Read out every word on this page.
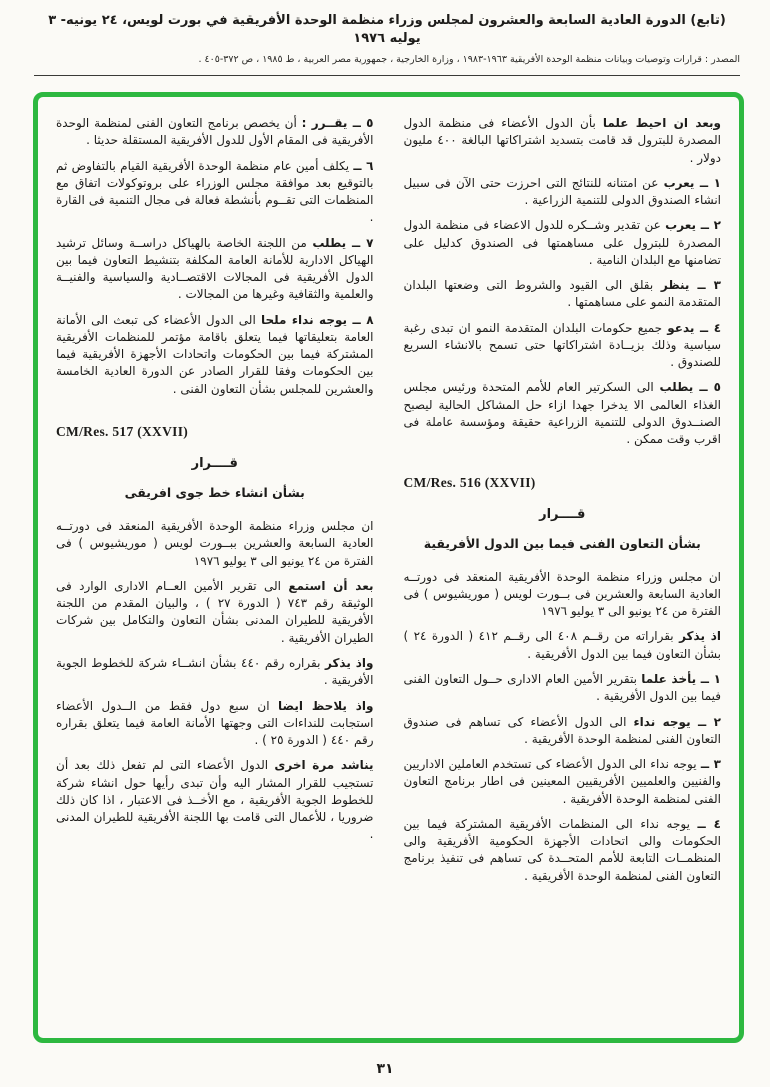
(تابع) الدورة العادية السابعة والعشرون لمجلس وزراء منظمة الوحدة الأفريقية في بورت لويس، ٢٤ يونيه- ٣ يوليه ١٩٧٦
المصدر : قرارات وتوصيات وبيانات منظمة الوحدة الأفريقية ١٩٦٣-١٩٨٣ ، وزارة الخارجية ، جمهورية مصر العربية ، ط ١٩٨٥ ، ص ٣٧٢-٤٠٥ .

وبعد ان احيط علما بأن الدول الأعضاء فى منظمة الدول المصدرة للبترول قد قامت بتسديد اشتراكاتها البالغة ٤٠٠ مليون دولار .

١ ــ يعرب عن امتنانه للنتائج التى احرزت حتى الآن فى سبيل انشاء الصندوق الدولى للتنمية الزراعية .

٢ ــ يعرب عن تقدير وشــكره للدول الاعضاء فى منظمة الدول المصدرة للبترول على مساهمتها فى الصندوق كدليل على تضامنها مع البلدان النامية .

٣ ــ ينظر بقلق الى القيود والشروط التى وضعتها البلدان المتقدمة النمو على مساهمتها .

٤ ــ يدعو جميع حكومات البلدان المتقدمة النمو ان تبدى رغبة سياسية وذلك بزيــادة اشتراكاتها حتى تسمح بالانشاء السريع للصندوق .

٥ ــ يطلب الى السكرتير العام للأمم المتحدة ورئيس مجلس الغذاء العالمى الا يدخرا جهدا ازاء حل المشاكل الحالية ليصبح الصنــدوق الدولى للتنمية الزراعية حقيقة ومؤسسة عاملة فى اقرب وقت ممكن .

CM/Res. 516 (XXVII)
قــــرار
بشأن التعاون الفنى فيما بين الدول الأفريقية

ان مجلس وزراء منظمة الوحدة الأفريقية المنعقد فى دورتــه العادية السابعة والعشرين فى بــورت لويس ( موريشيوس ) فى الفترة من ٢٤ يونيو الى ٣ يوليو ١٩٧٦

اذ يذكر بقراراته من رقــم ٤٠٨ الى رقــم ٤١٢ ( الدورة ٢٤ ) بشأن التعاون فيما بين الدول الأفريقية .

١ ــ يأخذ علما بتقرير الأمين العام الادارى حــول التعاون الفنى فيما بين الدول الأفريقية .

٢ ــ يوجه نداء الى الدول الأعضاء كى تساهم فى صندوق التعاون الفنى لمنظمة الوحدة الأفريقية .

٣ ــ يوجه نداء الى الدول الأعضاء كى تستخدم العاملين الاداريين والفنيين والعلميين الأفريقيين المعينين فى اطار برنامج التعاون الفنى لمنظمة الوحدة الأفريقية .

٤ ــ يوجه نداء الى المنظمات الأفريقية المشتركة فيما بين الحكومات والى اتحادات الأجهزة الحكومية الأفريقية والى المنظمــات التابعة للأمم المتحــدة كى تساهم فى تنفيذ برنامج التعاون الفنى لمنظمة الوحدة الأفريقية .

٥ ــ يقــرر : أن يخصص برنامج التعاون الفنى لمنظمة الوحدة الأفريقية فى المقام الأول للدول الأفريقية المستقلة حديثا .

٦ ــ يكلف أمين عام منظمة الوحدة الأفريقية القيام بالتفاوض ثم بالتوقيع بعد موافقة مجلس الوزراء على بروتوكولات اتفاق مع المنظمات التى تقــوم بأنشطة فعالة فى مجال التنمية فى القارة .

٧ ــ يطلب من اللجنة الخاصة بالهياكل دراســة وسائل ترشيد الهياكل الادارية للأمانة العامة المكلفة بتنشيط التعاون فيما بين الدول الأفريقية فى المجالات الاقتصــادية والسياسية والفنيــة والعلمية والثقافية وغيرها من المجالات .

٨ ــ يوجه نداء ملحا الى الدول الأعضاء كى تبعث الى الأمانة العامة بتعليقاتها فيما يتعلق باقامة مؤتمر للمنظمات الأفريقية المشتركة فيما بين الحكومات واتحادات الأجهزة الأفريقية فيما بين الحكومات وفقا للقرار الصادر عن الدورة العادية الخامسة والعشرين للمجلس بشأن التعاون الفنى .

CM/Res. 517 (XXVII)
قــــرار
بشأن انشاء خط جوى افريقى

ان مجلس وزراء منظمة الوحدة الأفريقية المنعقد فى دورتــه العادية السابعة والعشرين ببــورت لويس ( موريشيوس ) فى الفترة من ٢٤ يونيو الى ٣ يوليو ١٩٧٦

بعد أن استمع الى تقرير الأمين العــام الادارى الوارد فى الوثيقة رقم ٧٤٣ ( الدورة ٢٧ ) ، والبيان المقدم من اللجنة الأفريقية للطيران المدنى بشأن التعاون والتكامل بين شركات الطيران الأفريقية .

واذ يذكر بقراره رقم ٤٤٠ بشأن انشــاء شركة للخطوط الجوية الأفريقية .

واذ يلاحظ ايضا ان سبع دول فقط من الــدول الأعضاء استجابت للنداءات التى وجهتها الأمانة العامة فيما يتعلق بقراره رقم ٤٤٠ ( الدورة ٢٥ ) .

يناشد مرة اخرى الدول الأعضاء التى لم تفعل ذلك بعد أن تستجيب للقرار المشار اليه وأن تبدى رأيها حول انشاء شركة للخطوط الجوية الأفريقية ، مع الأخــذ فى الاعتبار ، اذا كان ذلك ضروريا ، للأعمال التى قامت بها اللجنة الأفريقية للطيران المدنى .

٣١
